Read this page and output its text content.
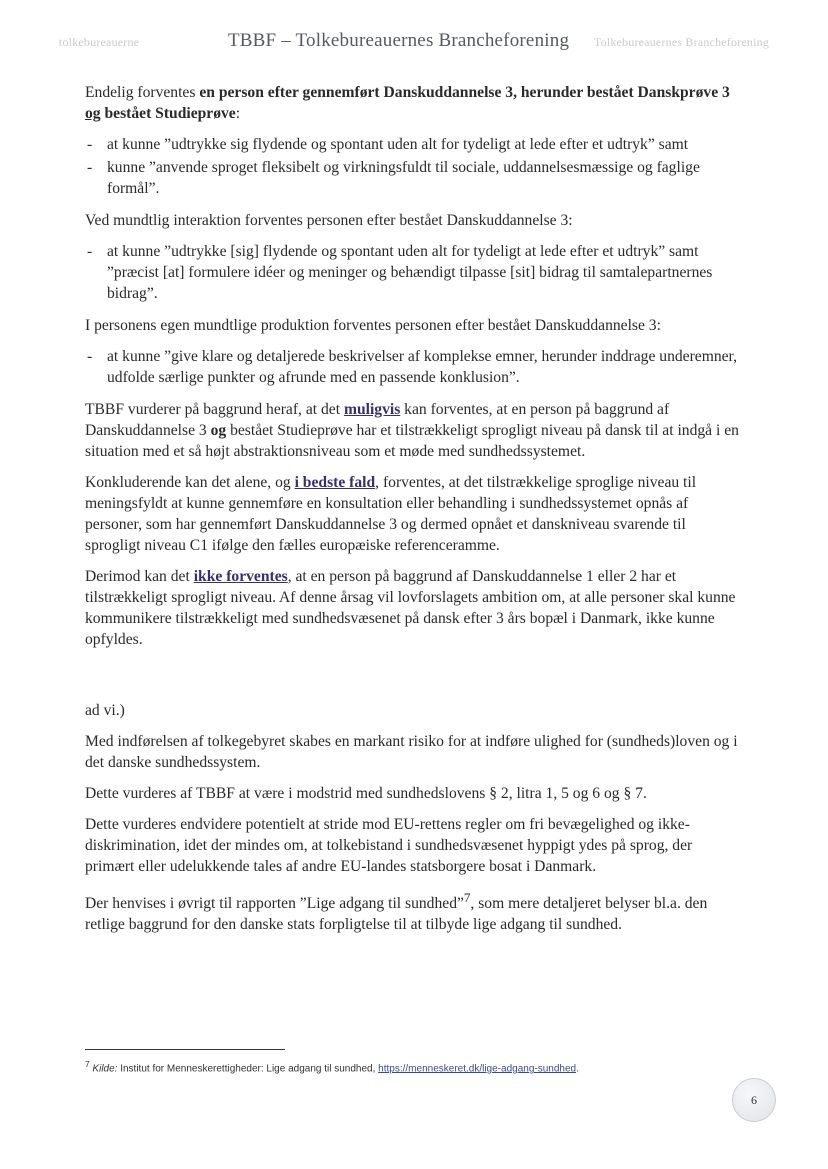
tolkebureauerne	TBBF – Tolkebureauernes Brancheforening Tolkebureauernes Brancheforening

Endelig forventes en person efter gennemført Danskuddannelse 3, herunder bestået Danskprøve 3 og bestået Studieprøve:

- at kunne ”udtrykke sig flydende og spontant uden alt for tydeligt at lede efter et udtryk” samt
- kunne ”anvende sproget fleksibelt og virkningsfuldt til sociale, uddannelsesmæssige og faglige formål”.

Ved mundtlig interaktion forventes personen efter bestået Danskuddannelse 3:

- at kunne ”udtrykke [sig] flydende og spontant uden alt for tydeligt at lede efter et udtryk” samt ”præcist [at] formulere idéer og meninger og behændigt tilpasse [sit] bidrag til samtalepartnernes bidrag”.

I personens egen mundtlige produktion forventes personen efter bestået Danskuddannelse 3:

- at kunne ”give klare og detaljerede beskrivelser af komplekse emner, herunder inddrage underemner, udfolde særlige punkter og afrunde med en passende konklusion”.

TBBF vurderer på baggrund heraf, at det muligvis kan forventes, at en person på baggrund af Danskuddannelse 3 og bestået Studieprøve har et tilstrækkeligt sprogligt niveau på dansk til at indgå i en situation med et så højt abstraktionsniveau som et møde med sundhedssystemet.

Konkluderende kan det alene, og i bedste fald, forventes, at det tilstrækkelige sproglige niveau til meningsfyldt at kunne gennemføre en konsultation eller behandling i sundhedssystemet opnås af personer, som har gennemført Danskuddannelse 3 og dermed opnået et danskniveau svarende til sprogligt niveau C1 ifølge den fælles europæiske referenceramme.

Derimod kan det ikke forventes, at en person på baggrund af Danskuddannelse 1 eller 2 har et tilstrækkeligt sprogligt niveau. Af denne årsag vil lovforslagets ambition om, at alle personer skal kunne kommunikere tilstrækkeligt med sundhedsvæsenet på dansk efter 3 års bopæl i Danmark, ikke kunne opfyldes.

ad vi.)

Med indførelsen af tolkegebyret skabes en markant risiko for at indføre ulighed for (sundheds)loven og i det danske sundhedssystem.

Dette vurderes af TBBF at være i modstrid med sundhedslovens § 2, litra 1, 5 og 6 og § 7.

Dette vurderes endvidere potentielt at stride mod EU-rettens regler om fri bevægelighed og ikke-diskrimination, idet der mindes om, at tolkebistand i sundhedsvæsenet hyppigt ydes på sprog, der primært eller udelukkende tales af andre EU-landes statsborgere bosat i Danmark.

Der henvises i øvrigt til rapporten ”Lige adgang til sundhed”$^7$, som mere detaljeret belyser bl.a. den retlige baggrund for den danske stats forpligtelse til at tilbyde lige adgang til sundhed.

$^7$ Kilde: Institut for Menneskerettigheder: Lige adgang til sundhed, https://menneskeret.dk/lige-adgang-sundhed.
6
